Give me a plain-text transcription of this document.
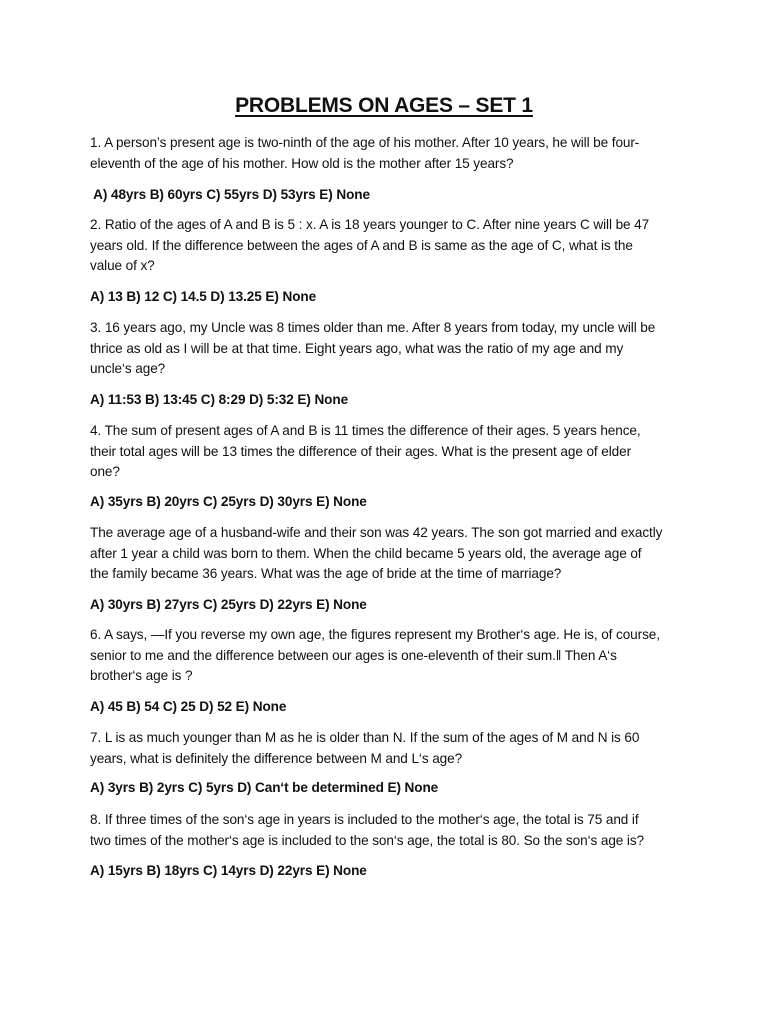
PROBLEMS ON AGES – SET 1
1. A person’s present age is two-ninth of the age of his mother. After 10 years, he will be four-
eleventh of the age of his mother. How old is the mother after 15 years?
A) 48yrs B) 60yrs C) 55yrs D) 53yrs E) None
2. Ratio of the ages of A and B is 5 : x. A is 18 years younger to C. After nine years C will be 47
years old. If the difference between the ages of A and B is same as the age of C, what is the
value of x?
A) 13 B) 12 C) 14.5 D) 13.25 E) None
3. 16 years ago, my Uncle was 8 times older than me. After 8 years from today, my uncle will be
thrice as old as I will be at that time. Eight years ago, what was the ratio of my age and my
uncle‘s age?
A) 11:53 B) 13:45 C) 8:29 D) 5:32 E) None
4. The sum of present ages of A and B is 11 times the difference of their ages. 5 years hence,
their total ages will be 13 times the difference of their ages. What is the present age of elder
one?
A) 35yrs B) 20yrs C) 25yrs D) 30yrs E) None
The average age of a husband-wife and their son was 42 years. The son got married and exactly
after 1 year a child was born to them. When the child became 5 years old, the average age of
the family became 36 years. What was the age of bride at the time of marriage?
A) 30yrs B) 27yrs C) 25yrs D) 22yrs E) None
6. A says, ―If you reverse my own age, the figures represent my Brother‘s age. He is, of course,
senior to me and the difference between our ages is one-eleventh of their sum.‖ Then A‘s
brother‘s age is ?
A) 45 B) 54 C) 25 D) 52 E) None
7. L is as much younger than M as he is older than N. If the sum of the ages of M and N is 60
years, what is definitely the difference between M and L‘s age?
A) 3yrs B) 2yrs C) 5yrs D) Can‘t be determined E) None
8. If three times of the son‘s age in years is included to the mother‘s age, the total is 75 and if
two times of the mother‘s age is included to the son‘s age, the total is 80. So the son‘s age is?
A) 15yrs B) 18yrs C) 14yrs D) 22yrs E) None
